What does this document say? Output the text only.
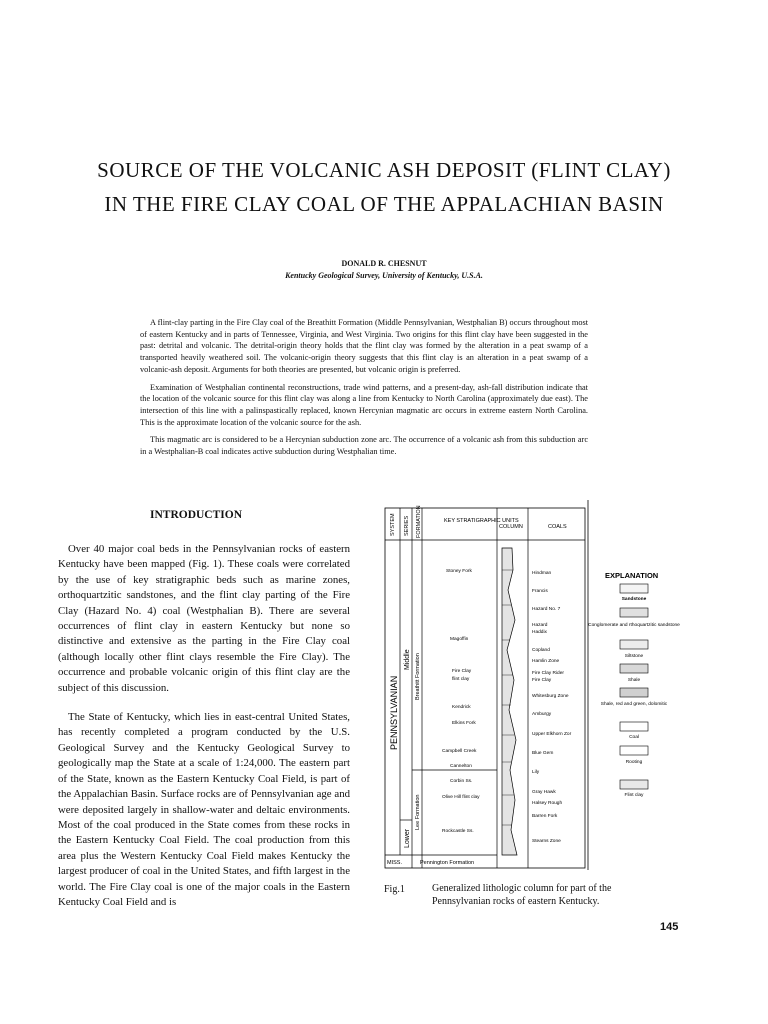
SOURCE OF THE VOLCANIC ASH DEPOSIT (FLINT CLAY)
IN THE FIRE CLAY COAL OF THE APPALACHIAN BASIN
DONALD R. CHESNUT
Kentucky Geological Survey, University of Kentucky, U.S.A.

A flint-clay parting in the Fire Clay coal of the Breathitt Formation (Middle Pennsylvanian, Westphalian B) occurs throughout most of eastern Kentucky and in parts of Tennessee, Virginia, and West Virginia. Two origins for this flint clay have been suggested in the past: detrital and volcanic. The detrital-origin theory holds that the flint clay was formed by the alteration in a peat swamp of a transported heavily weathered soil. The volcanic-origin theory suggests that this flint clay is an alteration in a peat swamp of a volcanic-ash deposit. Arguments for both theories are presented, but volcanic origin is preferred.

Examination of Westphalian continental reconstructions, trade wind patterns, and a present-day, ash-fall distribution indicate that the location of the volcanic source for this flint clay was along a line from Kentucky to North Carolina (approximately due east). The intersection of this line with a palinspastically replaced, known Hercynian magmatic arc occurs in extreme eastern North Carolina. This is the approximate location of the volcanic source for the ash.

This magmatic arc is considered to be a Hercynian subduction zone arc. The occurrence of a volcanic ash from this subduction arc in a Westphalian-B coal indicates active subduction during Westphalian time.

INTRODUCTION

Over 40 major coal beds in the Pennsylvanian rocks of eastern Kentucky have been mapped (Fig. 1). These coals were correlated by the use of key stratigraphic beds such as marine zones, orthoquartzitic sandstones, and the flint clay parting of the Fire Clay (Hazard No. 4) coal (Westphalian B). There are several occurrences of flint clay in eastern Kentucky but none so distinctive and extensive as the parting in the Fire Clay coal (although locally other flint clays resemble the Fire Clay). The occurrence and probable volcanic origin of this flint clay are the subject of this discussion.

The State of Kentucky, which lies in east-central United States, has recently completed a program conducted by the U.S. Geological Survey and the Kentucky Geological Survey to geologically map the State at a scale of 1:24,000. The eastern part of the State, known as the Eastern Kentucky Coal Field, is part of the Appalachian Basin. Surface rocks are of Pennsylvanian age and were deposited largely in shallow-water and deltaic environments. Most of the coal produced in the State comes from these rocks in the Eastern Kentucky Coal Field. The coal production from this area plus the Western Kentucky Coal Field makes Kentucky the largest producer of coal in the United States, and fifth largest in the world. The Fire Clay coal is one of the major coals in the Eastern Kentucky Coal Field and is

SYSTEM SERIES FORMATION	KEY STRATIGRAPHIC UNITS
COLUMN	COALS
PENNSYLVANIAN
Middle
Lower
Breathitt Formation
Lee Formation
MISS.	Pennington Formation
Stoney Fork
Magoffin
Fire Clay
flint clay
Kendrick
Elkins Fork
Campbell Creek
Cannelton
Corbin Ss.
Olive Hill flint clay
Rockcastle Ss.
Hindman
Francis
Hazard No. 7
Hazard
Haddix
Copland
Hamlin Zone
Fire Clay Rider
Fire Clay
Whitesburg Zone
Amburgy
Upper Elkhorn Zor
Blue Gem
Lily
Gray Hawk
Halsey Rough
Barren Fork
Stearns Zone
EXPLANATION
Sandstone
Conglomerate and rthoquartzitic sandstone
Siltstone
Shale
Shale, red and green, dolomitic
Coal
Rooting
Flint clay
Fig.1	Generalized lithologic column for part of the Pennsylvanian rocks of eastern Kentucky.
145
